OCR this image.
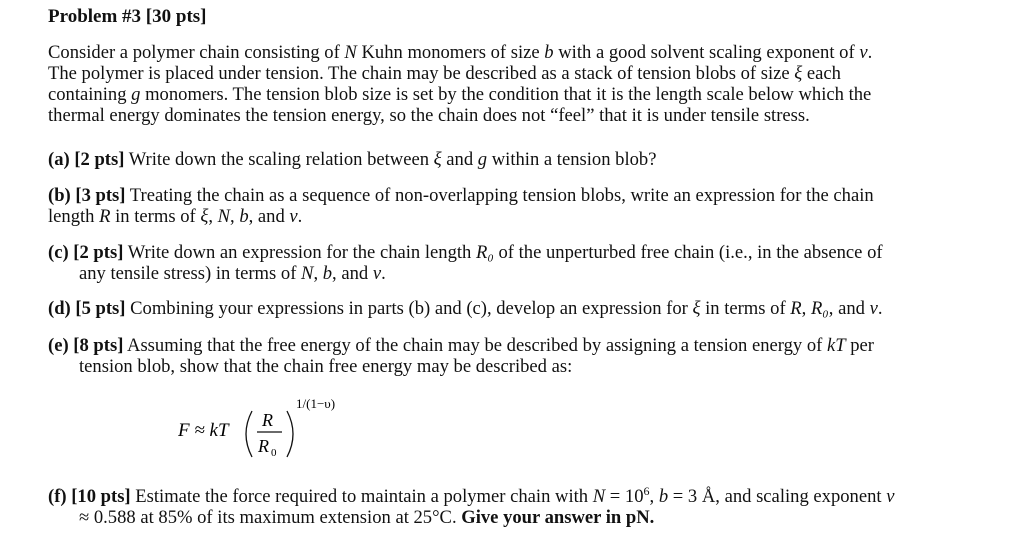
Problem #3 [30 pts]
Consider a polymer chain consisting of N Kuhn monomers of size b with a good solvent scaling exponent of v.
The polymer is placed under tension. The chain may be described as a stack of tension blobs of size ξ each
containing g monomers. The tension blob size is set by the condition that it is the length scale below which the
thermal energy dominates the tension energy, so the chain does not “feel” that it is under tensile stress.
(a) [2 pts] Write down the scaling relation between ξ and g within a tension blob?
(b) [3 pts] Treating the chain as a sequence of non-overlapping tension blobs, write an expression for the chain
length R in terms of ξ, N, b, and v.
(c) [2 pts] Write down an expression for the chain length R₀ of the unperturbed free chain (i.e., in the absence of
any tensile stress) in terms of N, b, and v.
(d) [5 pts] Combining your expressions in parts (b) and (c), develop an expression for ξ in terms of R, R₀, and v.
(e) [8 pts] Assuming that the free energy of the chain may be described by assigning a tension energy of kT per
tension blob, show that the chain free energy may be described as:
F ≈ kT R
R 0
1/(1−υ)
(f) [10 pts] Estimate the force required to maintain a polymer chain with $N = 10^6$, b = 3 Å, and scaling exponent v
≈ 0.588 at 85% of its maximum extension at 25°C. Give your answer in pN.
